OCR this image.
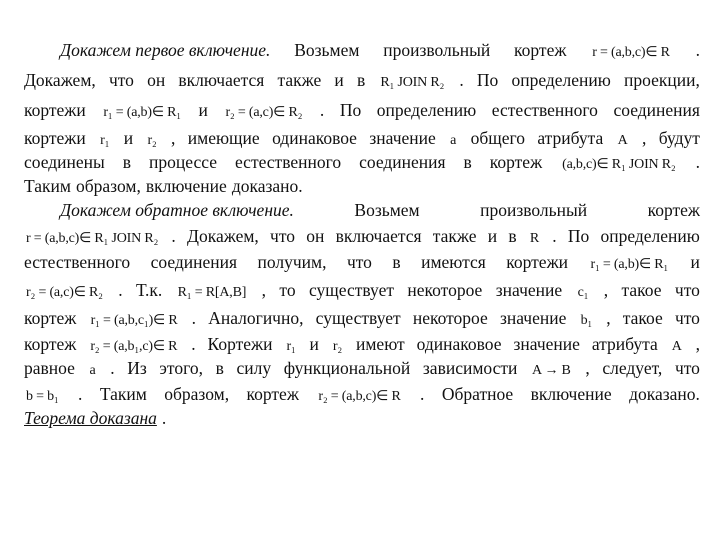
Докажем первое включение. Возьмем произвольный кортеж r = (a,b,c)∈ R .
Докажем, что он включается также и в R₁ JOIN R₂ . По определению проекции,
кортежи r₁ = (a,b)∈ R₁ и r₂ = (a,c)∈ R₂ . По определению естественного соединения
кортежи r₁ и r₂ , имеющие одинаковое значение a общего атрибута A , будут
соединены в процессе естественного соединения в кортеж (a,b,c)∈ R₁ JOIN R₂ .
Таким образом, включение доказано.
Докажем обратное включение.	Возьмем	произвольный	кортеж
r = (a,b,c)∈ R₁ JOIN R₂ . Докажем, что он включается также и в R . По определению
естественного соединения получим, что в имеются кортежи r₁ = (a,b)∈ R₁ и
r₂ = (a,c)∈ R₂ . Т.к. R₁ = R[A,B] , то существует некоторое значение c₁ , такое что
кортеж r₁ = (a,b,c₁)∈ R . Аналогично, существует некоторое значение b₁ , такое что
кортеж r₂ = (a,b₁,c)∈ R . Кортежи r₁ и r₂ имеют одинаковое значение атрибута A ,
равное a . Из этого, в силу функциональной зависимости A → B , следует, что
b = b₁ . Таким образом, кортеж r₂ = (a,b,c)∈ R . Обратное включение доказано.
Теорема доказана .
